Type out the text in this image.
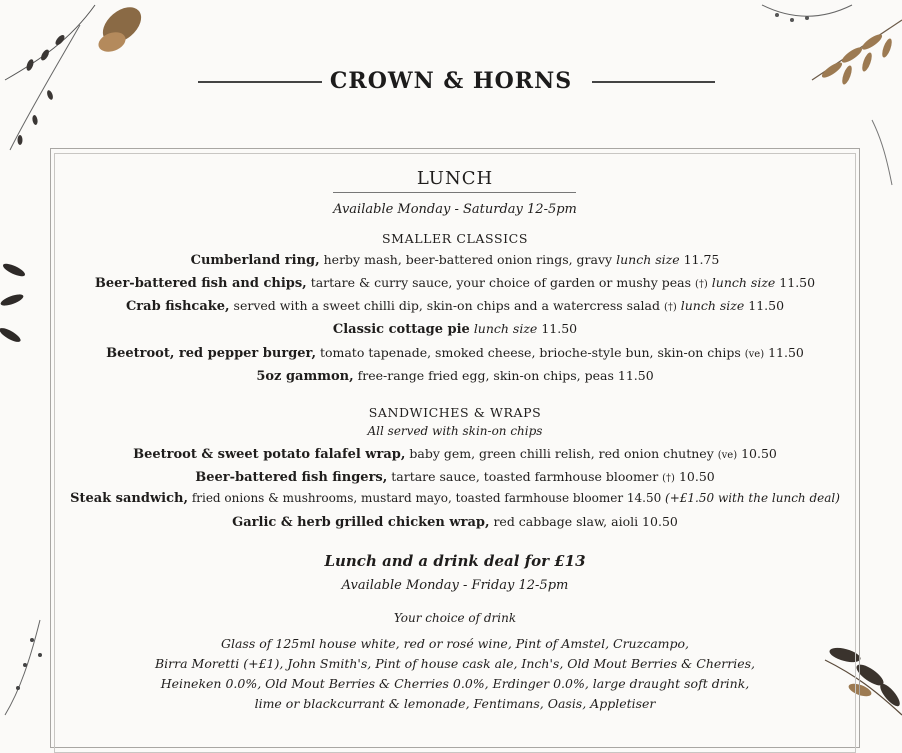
CROWN & HORNS
LUNCH
Available Monday - Saturday 12-5pm
SMALLER CLASSICS
Cumberland ring, herby mash, beer-battered onion rings, gravy lunch size 11.75
Beer-battered fish and chips, tartare & curry sauce, your choice of garden or mushy peas (†) lunch size 11.50
Crab fishcake, served with a sweet chilli dip, skin-on chips and a watercress salad (†) lunch size 11.50
Classic cottage pie lunch size 11.50
Beetroot, red pepper burger, tomato tapenade, smoked cheese, brioche-style bun, skin-on chips (ve) 11.50
5oz gammon, free-range fried egg, skin-on chips, peas 11.50
SANDWICHES & WRAPS
All served with skin-on chips
Beetroot & sweet potato falafel wrap, baby gem, green chilli relish, red onion chutney (ve) 10.50
Beer-battered fish fingers, tartare sauce, toasted farmhouse bloomer (†) 10.50
Steak sandwich, fried onions & mushrooms, mustard mayo, toasted farmhouse bloomer 14.50 (+£1.50 with the lunch deal)
Garlic & herb grilled chicken wrap, red cabbage slaw, aioli 10.50
Lunch and a drink deal for £13
Available Monday - Friday 12-5pm
Your choice of drink
Glass of 125ml house white, red or rosé wine, Pint of Amstel, Cruzcampo,
Birra Moretti (+£1), John Smith's, Pint of house cask ale, Inch's, Old Mout Berries & Cherries,
Heineken 0.0%, Old Mout Berries & Cherries 0.0%, Erdinger 0.0%, large draught soft drink,
lime or blackcurrant & lemonade, Fentimans, Oasis, Appletiser
